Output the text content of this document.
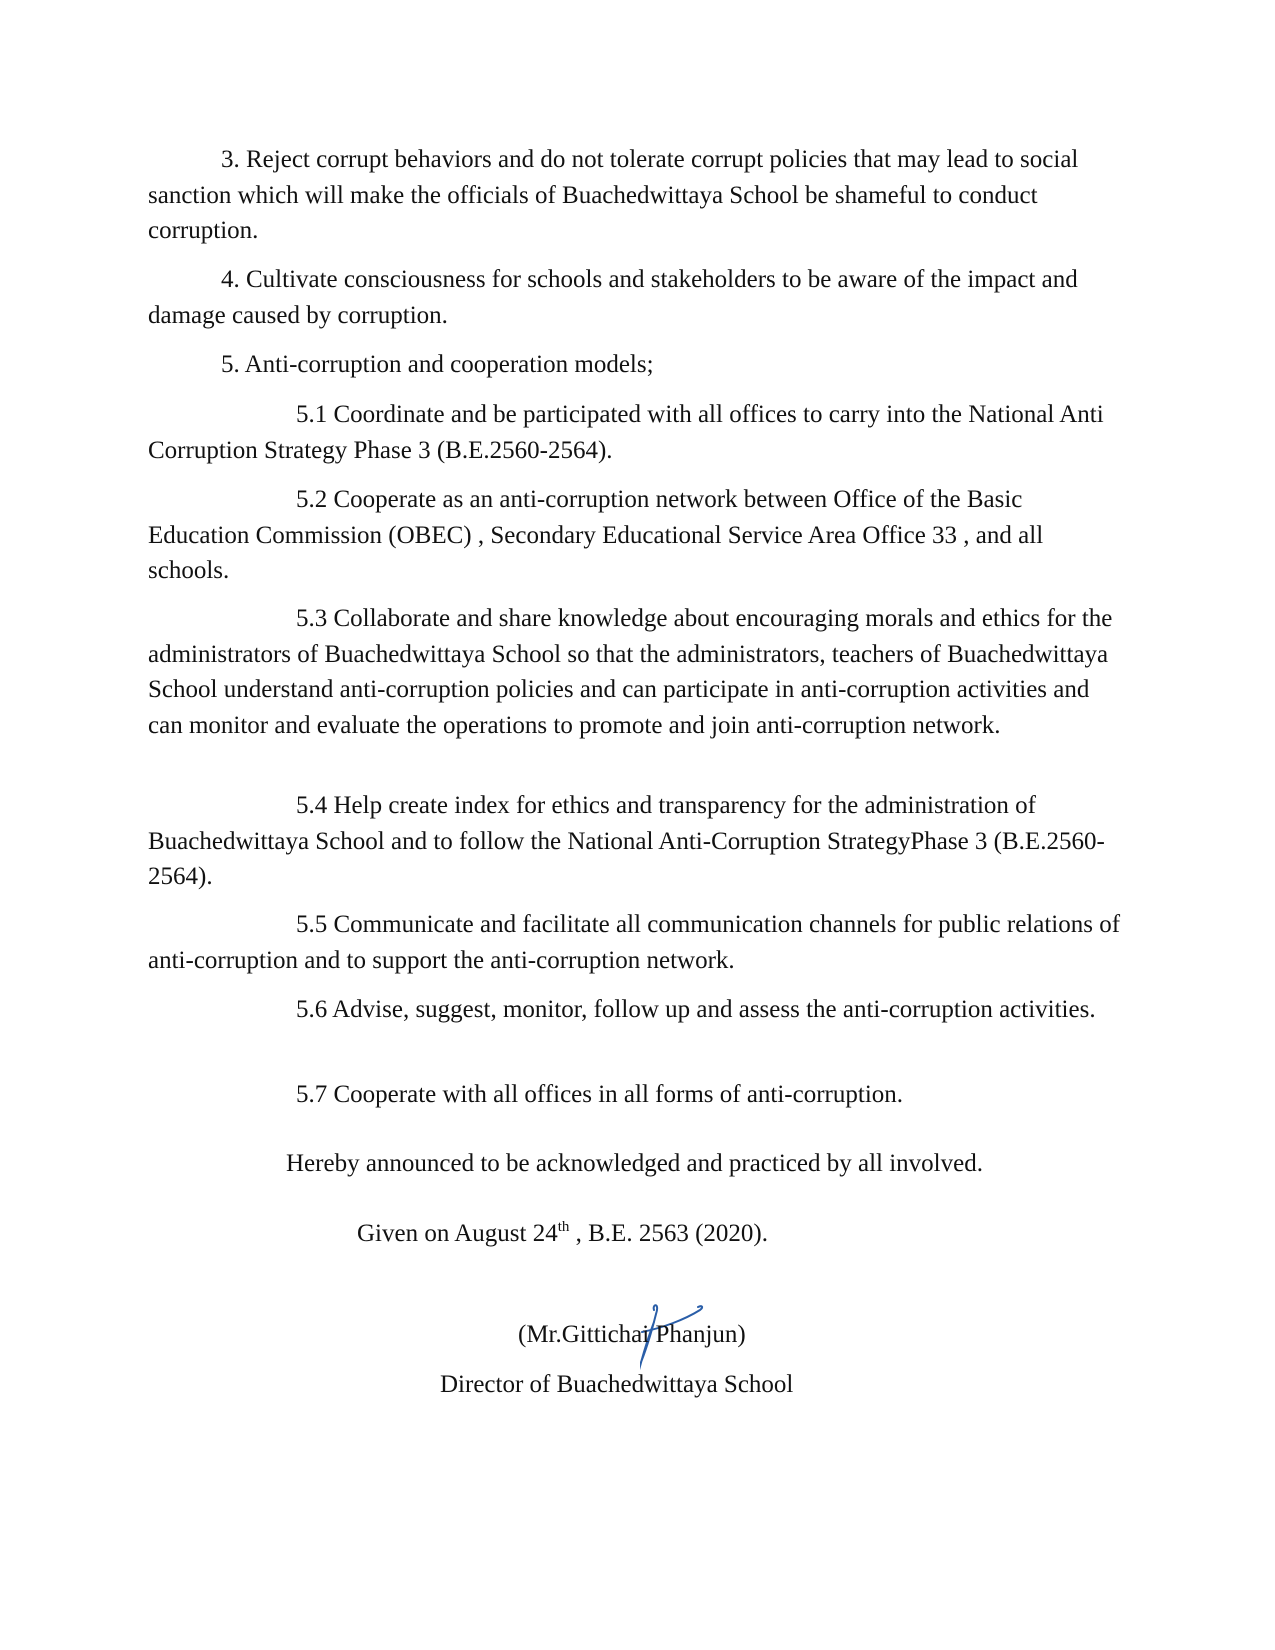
3. Reject corrupt behaviors and do not tolerate corrupt policies that may lead to social sanction which will make the officials of Buachedwittaya School be shameful to conduct corruption.

4. Cultivate consciousness for schools and stakeholders to be aware of the impact and damage caused by corruption.

5. Anti-corruption and cooperation models;

5.1 Coordinate and be participated with all offices to carry into the National Anti Corruption Strategy Phase 3 (B.E.2560-2564).

5.2 Cooperate as an anti-corruption network between Office of the Basic Education Commission (OBEC) , Secondary Educational Service Area Office 33 , and all schools.

5.3 Collaborate and share knowledge about encouraging morals and ethics for the administrators of Buachedwittaya School so that the administrators, teachers of Buachedwittaya School understand anti-corruption policies and can participate in anti-corruption activities and can monitor and evaluate the operations to promote and join anti-corruption network.

5.4 Help create index for ethics and transparency for the administration of Buachedwittaya School and to follow the National Anti-Corruption StrategyPhase 3 (B.E.2560-2564).

5.5 Communicate and facilitate all communication channels for public relations of anti-corruption and to support the anti-corruption network.

5.6 Advise, suggest, monitor, follow up and assess the anti-corruption activities.

5.7 Cooperate with all offices in all forms of anti-corruption.

Hereby announced to be acknowledged and practiced by all involved.

Given on August 24th , B.E. 2563 (2020).

(Mr.Gittichai Phanjun)

Director of Buachedwittaya School
